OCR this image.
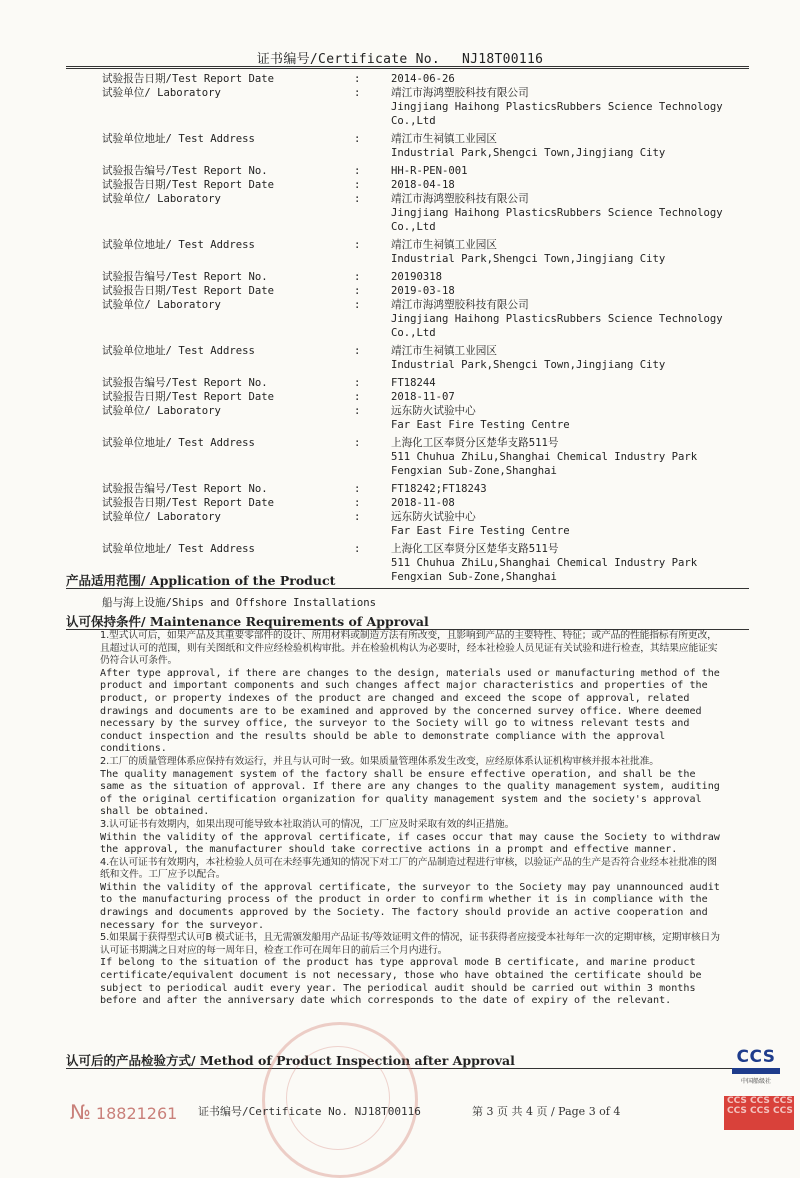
证书编号/Certificate No. NJ18T00116
试验报告日期/Test Report Date	:	2014-06-26
试验单位/ Laboratory	:	靖江市海鸿塑胶科技有限公司
Jingjiang Haihong PlasticsRubbers Science Technology
Co.,Ltd
试验单位地址/ Test Address	:	靖江市生祠镇工业园区
Industrial Park,Shengci Town,Jingjiang City
试验报告编号/Test Report No.	:	HH-R-PEN-001
试验报告日期/Test Report Date	:	2018-04-18
试验单位/ Laboratory	:	靖江市海鸿塑胶科技有限公司
Jingjiang Haihong PlasticsRubbers Science Technology
Co.,Ltd
试验单位地址/ Test Address	:	靖江市生祠镇工业园区
Industrial Park,Shengci Town,Jingjiang City
试验报告编号/Test Report No.	:	20190318
试验报告日期/Test Report Date	:	2019-03-18
试验单位/ Laboratory	:	靖江市海鸿塑胶科技有限公司
Jingjiang Haihong PlasticsRubbers Science Technology
Co.,Ltd
试验单位地址/ Test Address	:	靖江市生祠镇工业园区
Industrial Park,Shengci Town,Jingjiang City
试验报告编号/Test Report No.	:	FT18244
试验报告日期/Test Report Date	:	2018-11-07
试验单位/ Laboratory	:	远东防火试验中心
Far East Fire Testing Centre
试验单位地址/ Test Address	:	上海化工区奉贤分区楚华支路511号
511 Chuhua ZhiLu,Shanghai Chemical Industry Park
Fengxian Sub-Zone,Shanghai
试验报告编号/Test Report No.	:	FT18242;FT18243
试验报告日期/Test Report Date	:	2018-11-08
试验单位/ Laboratory	:	远东防火试验中心
Far East Fire Testing Centre
试验单位地址/ Test Address	:	上海化工区奉贤分区楚华支路511号
511 Chuhua ZhiLu,Shanghai Chemical Industry Park
Fengxian Sub-Zone,Shanghai
产品适用范围/ Application of the Product
船与海上设施/Ships and Offshore Installations
认可保持条件/ Maintenance Requirements of Approval

1.型式认可后，如果产品及其重要零部件的设计、所用材料或制造方法有所改变，且影响到产品的主要特性、特征；或产品的性能指标有所更改，且超过认可的范围，则有关图纸和文件应经检验机构审批。并在检验机构认为必要时，经本社检验人员见证有关试验和进行检查，其结果应能证实仍符合认可条件。

After type approval, if there are changes to the design, materials used or manufacturing method of the product and important components and such changes affect major characteristics and properties of the product, or property indexes of the product are changed and exceed the scope of approval, related drawings and documents are to be examined and approved by the concerned survey office. Where deemed necessary by the survey office, the surveyor to the Society will go to witness relevant tests and conduct inspection and the results should be able to demonstrate compliance with the approval conditions.

2.工厂的质量管理体系应保持有效运行，并且与认可时一致。如果质量管理体系发生改变，应经原体系认证机构审核并报本社批准。

The quality management system of the factory shall be ensure effective operation, and shall be the same as the situation of approval. If there are any changes to the quality management system, auditing of the original certification organization for quality management system and the society's approval shall be obtained.

3.认可证书有效期内，如果出现可能导致本社取消认可的情况，工厂应及时采取有效的纠正措施。

Within the validity of the approval certificate, if cases occur that may cause the Society to withdraw the approval, the manufacturer should take corrective actions in a prompt and effective manner.

4.在认可证书有效期内，本社检验人员可在未经事先通知的情况下对工厂的产品制造过程进行审核，以验证产品的生产是否符合业经本社批准的图纸和文件。工厂应予以配合。

Within the validity of the approval certificate, the surveyor to the Society may pay unannounced audit to the manufacturing process of the product in order to confirm whether it is in compliance with the drawings and documents approved by the Society. The factory should provide an active cooperation and necessary for the surveyor.

5.如果属于获得型式认可B 模式证书，且无需颁发船用产品证书/等效证明文件的情况，证书获得者应接受本社每年一次的定期审核，定期审核日为认可证书期满之日对应的每一周年日，检查工作可在周年日的前后三个月内进行。

If belong to the situation of the product has type approval mode B certificate, and marine product certificate/equivalent document is not necessary, those who have obtained the certificate should be subject to periodical audit every year. The periodical audit should be carried out within 3 months before and after the anniversary date which corresponds to the date of expiry of the relevant.

认可后的产品检验方式/ Method of Product Inspection after Approval
№ 18821261 证书编号/Certificate No. NJ18T00116	第 3 页 共 4 页 / Page 3 of 4
CCS
中国船级社
CCS CCS CCS CCS CCS CCS
